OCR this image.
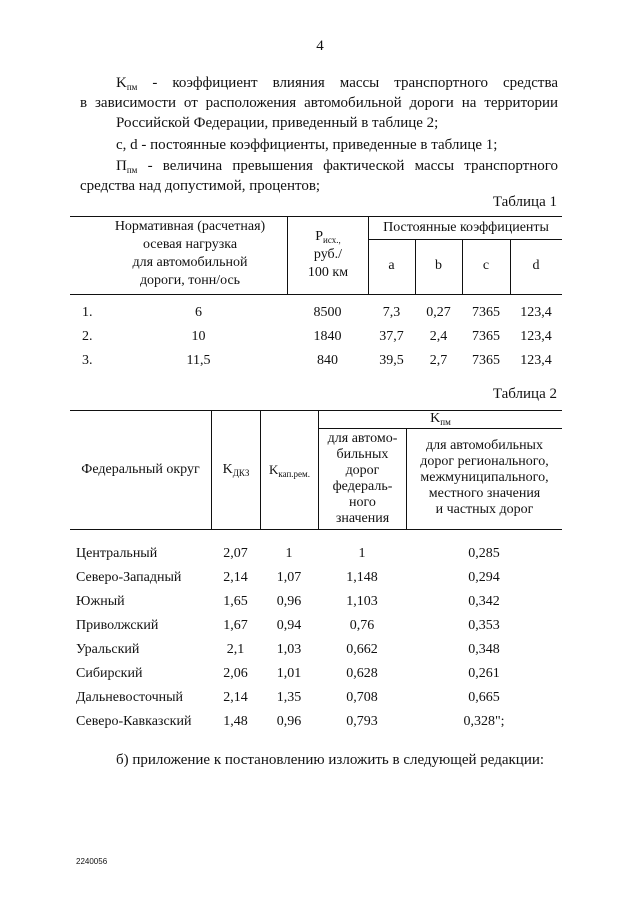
4
$K_{пм}$ - коэффициент влияния массы транспортного средства
в зависимости от расположения автомобильной дороги на территории
Российской Федерации, приведенный в таблице 2;
c, d - постоянные коэффициенты, приведенные в таблице 1;
$П_{пм}$ - величина превышения фактической массы транспортного
средства над допустимой, процентов;
Таблица 1
Нормативная (расчетная)
осевая нагрузка
для автомобильной
дороги, тонн/ось
$P_{исх.,}$
руб./
100 км
Постоянные коэффициенты
a	b	c	d
1.	6	8500	7,3	0,27	7365	123,4
2.	10	1840	37,7	2,4	7365	123,4
3.	11,5	840	39,5	2,7	7365	123,4
Таблица 2
Федеральный округ	$K_{ДКЗ}$	$K_{кап.рем.}$
$K_{пм}$
для автомо-
бильных
дорог
федераль-
ного
значения
для автомобильных
дорог регионального,
межмуниципального,
местного значения
и частных дорог
Центральный	2,07	1	1	0,285
Северо-Западный	2,14	1,07	1,148	0,294
Южный	1,65	0,96	1,103	0,342
Приволжский	1,67	0,94	0,76	0,353
Уральский	2,1	1,03	0,662	0,348
Сибирский	2,06	1,01	0,628	0,261
Дальневосточный	2,14	1,35	0,708	0,665
Северо-Кавказский	1,48	0,96	0,793	0,328";
б) приложение к постановлению изложить в следующей редакции:
2240056
